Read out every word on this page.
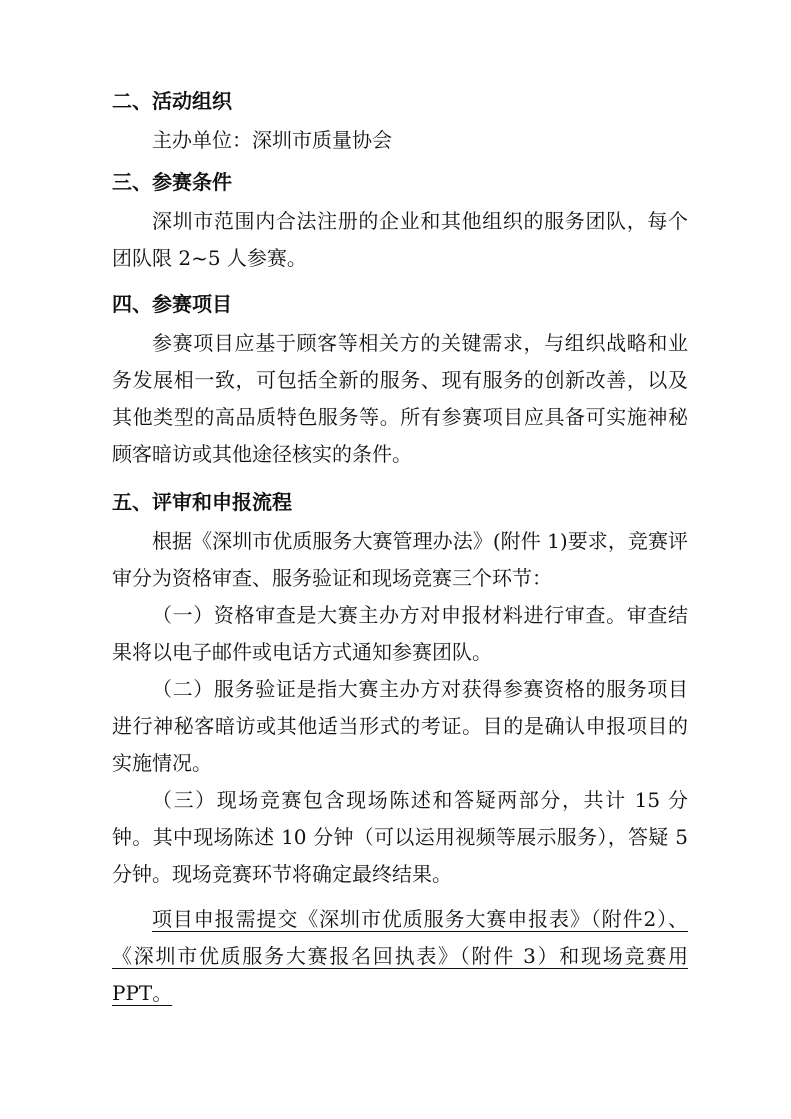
二、活动组织

主办单位：深圳市质量协会

三、参赛条件

深圳市范围内合法注册的企业和其他组织的服务团队，每个团队限 2~5 人参赛。

四、参赛项目

参赛项目应基于顾客等相关方的关键需求，与组织战略和业务发展相一致，可包括全新的服务、现有服务的创新改善，以及其他类型的高品质特色服务等。所有参赛项目应具备可实施神秘顾客暗访或其他途径核实的条件。

五、评审和申报流程

根据《深圳市优质服务大赛管理办法》(附件 1)要求，竞赛评审分为资格审查、服务验证和现场竞赛三个环节：

（一）资格审查是大赛主办方对申报材料进行审查。审查结果将以电子邮件或电话方式通知参赛团队。

（二）服务验证是指大赛主办方对获得参赛资格的服务项目进行神秘客暗访或其他适当形式的考证。目的是确认申报项目的实施情况。

（三）现场竞赛包含现场陈述和答疑两部分，共计 15 分钟。其中现场陈述 10 分钟（可以运用视频等展示服务），答疑 5 分钟。现场竞赛环节将确定最终结果。

项目申报需提交《深圳市优质服务大赛申报表》（附件2）、《深圳市优质服务大赛报名回执表》（附件 3）和现场竞赛用 PPT。
